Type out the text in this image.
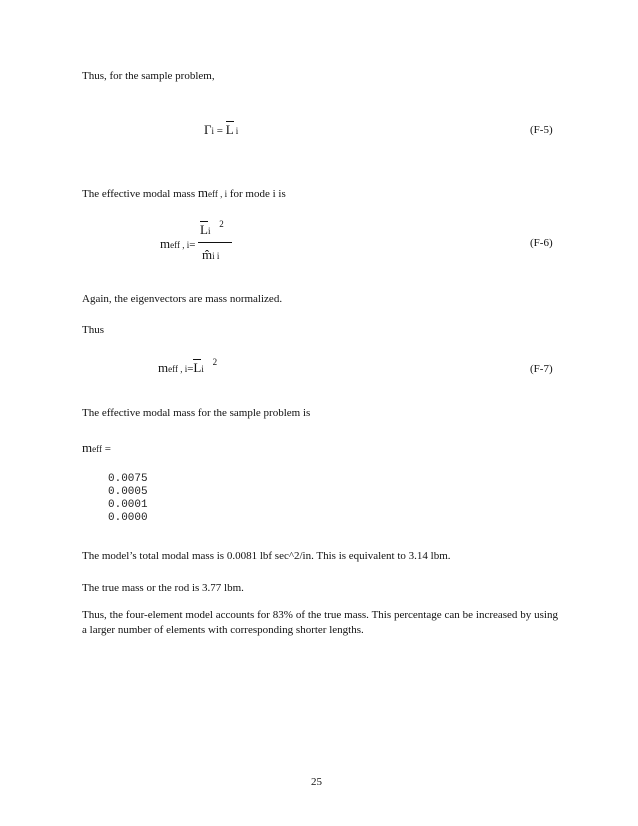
Thus, for the sample problem,
Γi = L i	(F-5)
The effective modal mass meff , i for mode i is
meff , i=
Li $^2$
m̂i i
(F-6)
Again, the eigenvectors are mass normalized.
Thus
meff , i=Li $^2$
(F-7)
The effective modal mass for the sample problem is
meff =
0.0075
0.0005
0.0001
0.0000
The model’s total modal mass is 0.0081 lbf sec^2/in. This is equivalent to 3.14 lbm.
The true mass or the rod is 3.77 lbm.
Thus, the four-element model accounts for 83% of the true mass. This percentage can be increased by using a larger number of elements with corresponding shorter lengths.
25
